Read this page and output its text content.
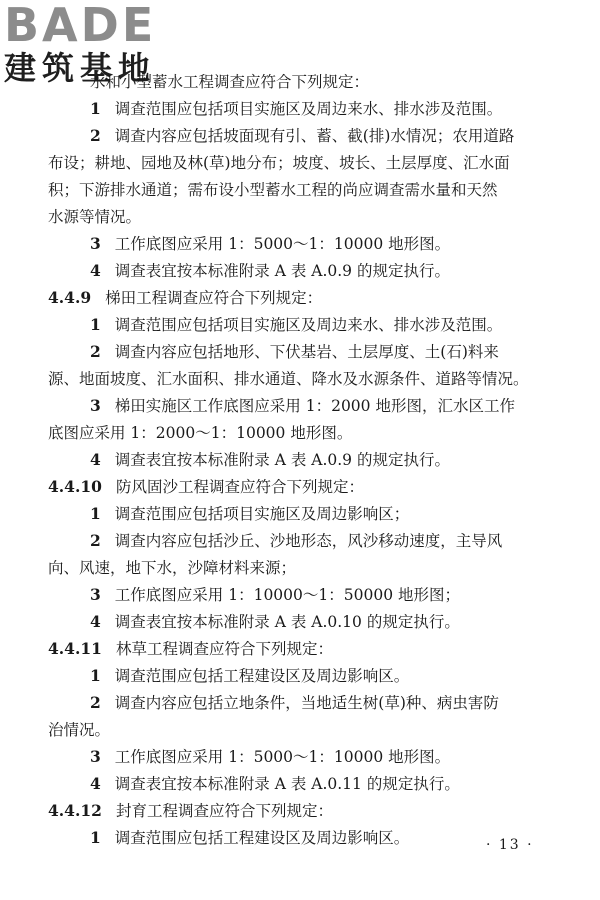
BADE
建筑基地
水和小型蓄水工程调查应符合下列规定：
1 调查范围应包括项目实施区及周边来水、排水涉及范围。
2 调查内容应包括坡面现有引、蓄、截(排)水情况；农用道路
布设；耕地、园地及林(草)地分布；坡度、坡长、土层厚度、汇水面
积；下游排水通道；需布设小型蓄水工程的尚应调查需水量和天然
水源等情况。
3 工作底图应采用 1：5000～1：10000 地形图。
4 调查表宜按本标准附录 A 表 A.0.9 的规定执行。
4.4.9 梯田工程调查应符合下列规定：
1 调查范围应包括项目实施区及周边来水、排水涉及范围。
2 调查内容应包括地形、下伏基岩、土层厚度、土(石)料来
源、地面坡度、汇水面积、排水通道、降水及水源条件、道路等情况。
3 梯田实施区工作底图应采用 1：2000 地形图，汇水区工作
底图应采用 1：2000～1：10000 地形图。
4 调查表宜按本标准附录 A 表 A.0.9 的规定执行。
4.4.10 防风固沙工程调查应符合下列规定：
1 调查范围应包括项目实施区及周边影响区；
2 调查内容应包括沙丘、沙地形态，风沙移动速度，主导风
向、风速，地下水，沙障材料来源；
3 工作底图应采用 1：10000～1：50000 地形图；
4 调查表宜按本标准附录 A 表 A.0.10 的规定执行。
4.4.11 林草工程调查应符合下列规定：
1 调查范围应包括工程建设区及周边影响区。
2 调查内容应包括立地条件，当地适生树(草)种、病虫害防
治情况。
3 工作底图应采用 1：5000～1：10000 地形图。
4 调查表宜按本标准附录 A 表 A.0.11 的规定执行。
4.4.12 封育工程调查应符合下列规定：
1 调查范围应包括工程建设区及周边影响区。	· 13 ·
